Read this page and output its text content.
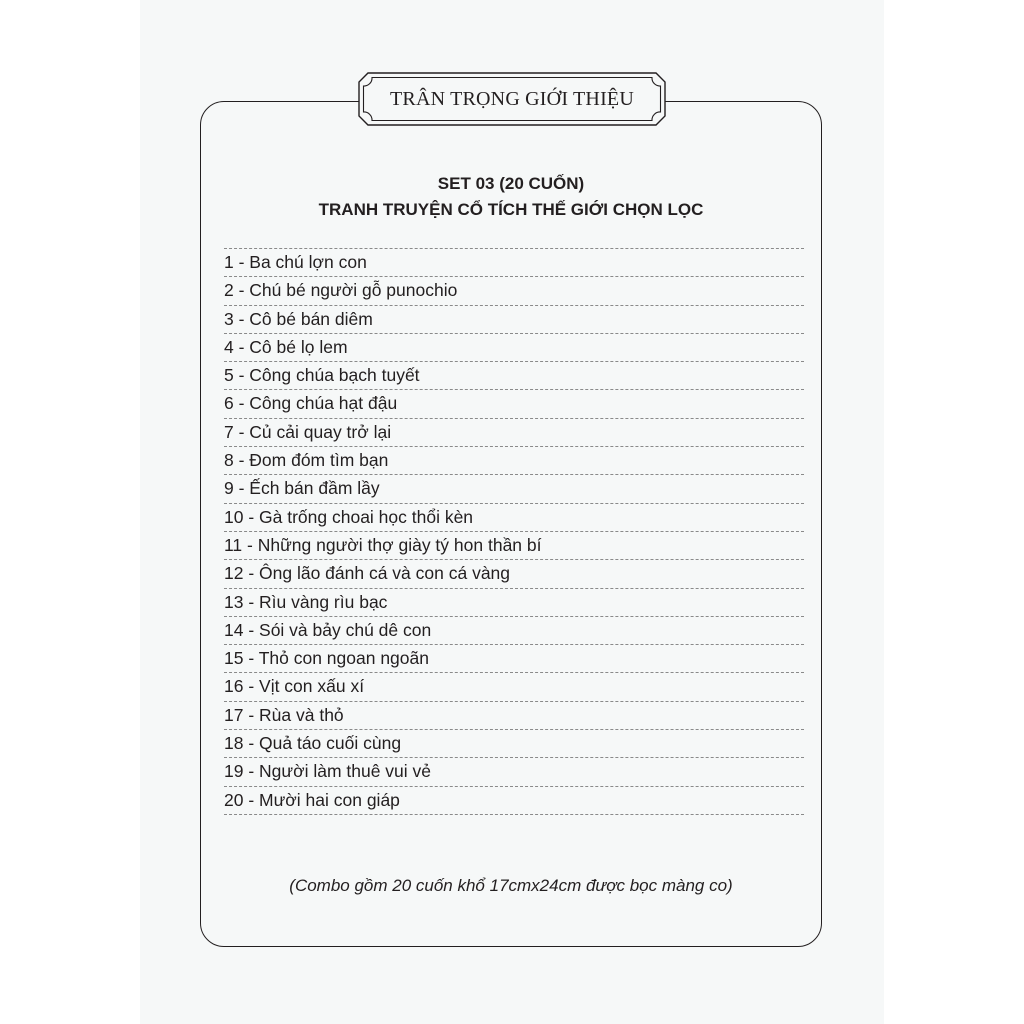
TRÂN TRỌNG GIỚI THIỆU
SET 03 (20 CUỐN)
TRANH TRUYỆN CỔ TÍCH THẾ GIỚI CHỌN LỌC
1 - Ba chú lợn con
2 - Chú bé người gỗ punochio
3 - Cô bé bán diêm
4 - Cô bé lọ lem
5 - Công chúa bạch tuyết
6 - Công chúa hạt đậu
7 - Củ cải quay trở lại
8 - Đom đóm tìm bạn
9 - Ếch bán đầm lầy
10 - Gà trống choai học thổi kèn
11 - Những người thợ giày tý hon thần bí
12 - Ông lão đánh cá và con cá vàng
13 - Rìu vàng rìu bạc
14 - Sói và bảy chú dê con
15 - Thỏ con ngoan ngoãn
16 - Vịt con xấu xí
17 - Rùa và thỏ
18 - Quả táo cuối cùng
19 - Người làm thuê vui vẻ
20 - Mười hai con giáp
(Combo gồm 20 cuốn khổ 17cmx24cm được bọc màng co)
